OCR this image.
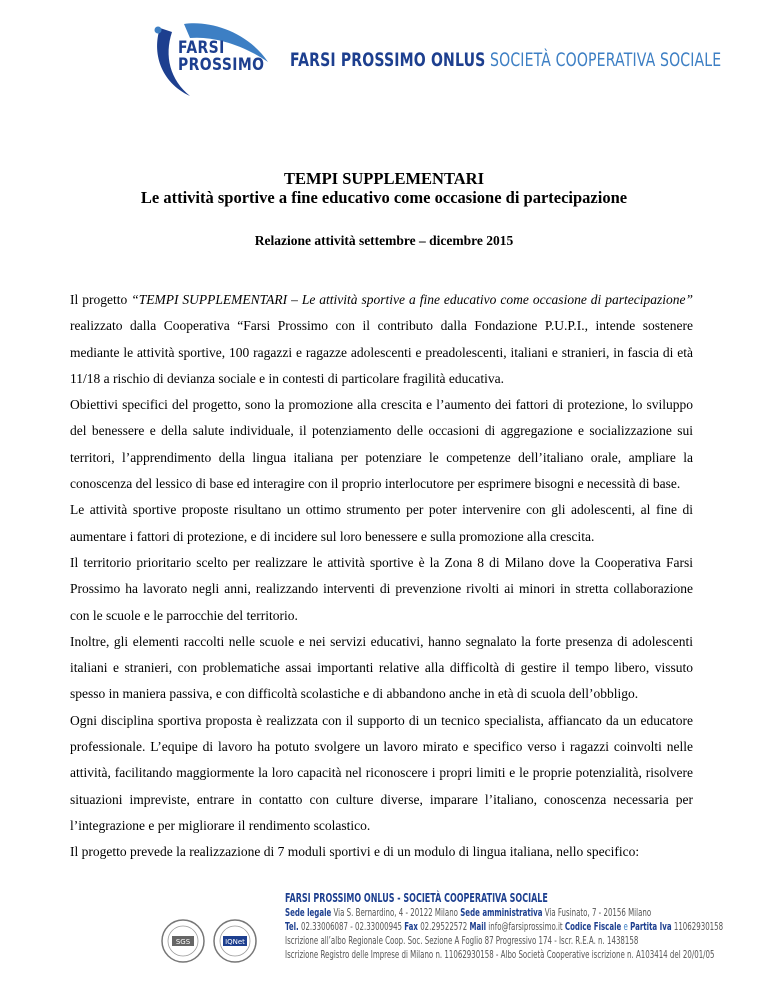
FARSI
PROSSIMO FARSI PROSSIMO ONLUS SOCIETÀ COOPERATIVA SOCIALE
TEMPI SUPPLEMENTARI
Le attività sportive a fine educativo come occasione di partecipazione
Relazione attività settembre – dicembre 2015

Il progetto “TEMPI SUPPLEMENTARI – Le attività sportive a fine educativo come occasione di partecipazione” realizzato dalla Cooperativa “Farsi Prossimo con il contributo dalla Fondazione P.U.P.I., intende sostenere mediante le attività sportive, 100 ragazzi e ragazze adolescenti e preadolescenti, italiani e stranieri, in fascia di età 11/18 a rischio di devianza sociale e in contesti di particolare fragilità educativa.

Obiettivi specifici del progetto, sono la promozione alla crescita e l’aumento dei fattori di protezione, lo sviluppo del benessere e della salute individuale, il potenziamento delle occasioni di aggregazione e socializzazione sui territori, l’apprendimento della lingua italiana per potenziare le competenze dell’italiano orale, ampliare la conoscenza del lessico di base ed interagire con il proprio interlocutore per esprimere bisogni e necessità di base.

Le attività sportive proposte risultano un ottimo strumento per poter intervenire con gli adolescenti, al fine di aumentare i fattori di protezione, e di incidere sul loro benessere e sulla promozione alla crescita.

Il territorio prioritario scelto per realizzare le attività sportive è la Zona 8 di Milano dove la Cooperativa Farsi Prossimo ha lavorato negli anni, realizzando interventi di prevenzione rivolti ai minori in stretta collaborazione con le scuole e le parrocchie del territorio.

Inoltre, gli elementi raccolti nelle scuole e nei servizi educativi, hanno segnalato la forte presenza di adolescenti italiani e stranieri, con problematiche assai importanti relative alla difficoltà di gestire il tempo libero, vissuto spesso in maniera passiva, e con difficoltà scolastiche e di abbandono anche in età di scuola dell’obbligo.

Ogni disciplina sportiva proposta è realizzata con il supporto di un tecnico specialista, affiancato da un educatore professionale. L’equipe di lavoro ha potuto svolgere un lavoro mirato e specifico verso i ragazzi coinvolti nelle attività, facilitando maggiormente la loro capacità nel riconoscere i propri limiti e le proprie potenzialità, risolvere situazioni impreviste, entrare in contatto con culture diverse, imparare l’italiano, conoscenza necessaria per l’integrazione e per migliorare il rendimento scolastico.

Il progetto prevede la realizzazione di 7 moduli sportivi e di un modulo di lingua italiana, nello specifico:

SGS	IQNet
FARSI PROSSIMO ONLUS - SOCIETÀ COOPERATIVA SOCIALE
Sede legale Via S. Bernardino, 4 - 20122 Milano Sede amministrativa Via Fusinato, 7 - 20156 Milano
Tel. 02.33006087 - 02.33000945 Fax 02.29522572 Mail info@farsiprossimo.it Codice Fiscale e Partita Iva 11062930158
Iscrizione all’albo Regionale Coop. Soc. Sezione A Foglio 87 Progressivo 174 - Iscr. R.E.A. n. 1438158
Iscrizione Registro delle Imprese di Milano n. 11062930158 - Albo Società Cooperative iscrizione n. A103414 del 20/01/05
